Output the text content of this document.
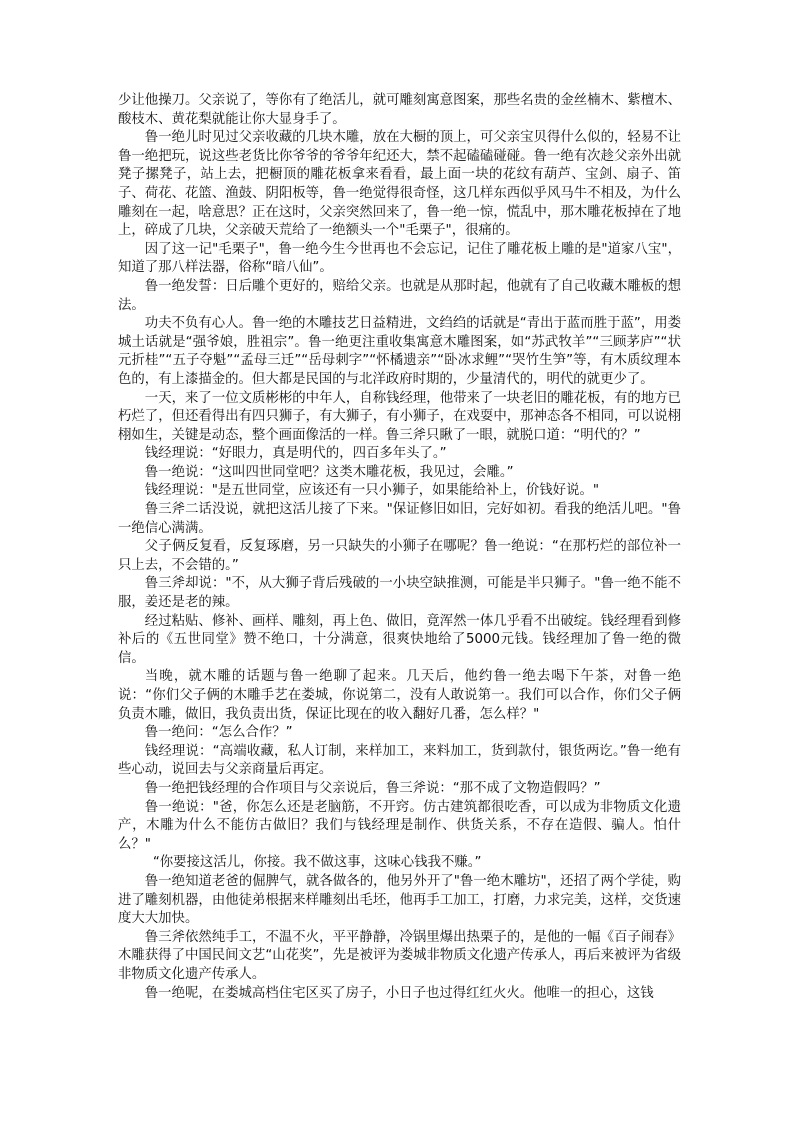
少让他操刀。父亲说了，等你有了绝活儿，就可雕刻寓意图案，那些名贵的金丝楠木、紫檀木、酸枝木、黄花梨就能让你大显身手了。

鲁一绝儿时见过父亲收藏的几块木雕，放在大橱的顶上，可父亲宝贝得什么似的，轻易不让鲁一绝把玩，说这些老货比你爷爷的爷爷年纪还大，禁不起磕磕碰碰。鲁一绝有次趁父亲外出就凳子摞凳子，站上去，把橱顶的雕花板拿来看看，最上面一块的花纹有葫芦、宝剑、扇子、笛子、荷花、花篮、渔鼓、阴阳板等，鲁一绝觉得很奇怪，这几样东西似乎风马牛不相及，为什么雕刻在一起，啥意思？正在这时，父亲突然回来了，鲁一绝一惊，慌乱中，那木雕花板掉在了地上，碎成了几块，父亲破天荒给了一绝额头一个"毛栗子"，很痛的。

因了这一记"毛栗子"，鲁一绝今生今世再也不会忘记，记住了雕花板上雕的是"道家八宝"，知道了那八样法器，俗称“暗八仙”。

鲁一绝发誓：日后雕个更好的，赔给父亲。也就是从那时起，他就有了自己收藏木雕板的想法。

功夫不负有心人。鲁一绝的木雕技艺日益精进，文绉绉的话就是“青出于蓝而胜于蓝”，用娄城土话就是“强爷娘，胜祖宗”。鲁一绝更注重收集寓意木雕图案，如“苏武牧羊”“三顾茅庐”“状元折桂”“五子夺魁”“孟母三迁”“岳母刺字”“怀橘遗亲”“卧冰求鲤”“哭竹生笋”等，有木质纹理本色的，有上漆描金的。但大都是民国的与北洋政府时期的，少量清代的，明代的就更少了。

一天，来了一位文质彬彬的中年人，自称钱经理，他带来了一块老旧的雕花板，有的地方已朽烂了，但还看得出有四只狮子，有大狮子，有小狮子，在戏耍中，那神态各不相同，可以说栩栩如生，关键是动态，整个画面像活的一样。鲁三斧只瞅了一眼，就脱口道：“明代的？”

钱经理说：“好眼力，真是明代的，四百多年头了。”

鲁一绝说：“这叫四世同堂吧？这类木雕花板，我见过，会雕。”

钱经理说："是五世同堂，应该还有一只小狮子，如果能给补上，价钱好说。"

鲁三斧二话没说，就把这活儿接了下来。"保证修旧如旧，完好如初。看我的绝活儿吧。"鲁一绝信心满满。

父子俩反复看，反复琢磨，另一只缺失的小狮子在哪呢？鲁一绝说：“在那朽烂的部位补一只上去，不会错的。”

鲁三斧却说："不，从大狮子背后残破的一小块空缺推测，可能是半只狮子。"鲁一绝不能不服，姜还是老的辣。

经过粘贴、修补、画样、雕刻，再上色、做旧，竟浑然一体几乎看不出破绽。钱经理看到修补后的《五世同堂》赞不绝口，十分满意，很爽快地给了5000元钱。钱经理加了鲁一绝的微信。

当晚，就木雕的话题与鲁一绝聊了起来。几天后，他约鲁一绝去喝下午茶，对鲁一绝说：“你们父子俩的木雕手艺在娄城，你说第二，没有人敢说第一。我们可以合作，你们父子俩负责木雕，做旧，我负责出货，保证比现在的收入翻好几番，怎么样？"

鲁一绝问：“怎么合作？”

钱经理说：“高端收藏，私人订制，来样加工，来料加工，货到款付，银货两讫。”鲁一绝有些心动，说回去与父亲商量后再定。

鲁一绝把钱经理的合作项目与父亲说后，鲁三斧说：“那不成了文物造假吗？”

鲁一绝说："爸，你怎么还是老脑筋，不开窍。仿古建筑都很吃香，可以成为非物质文化遗产，木雕为什么不能仿古做旧？我们与钱经理是制作、供货关系，不存在造假、骗人。怕什么？"

“你要接这活儿，你接。我不做这事，这味心钱我不赚。”

鲁一绝知道老爸的倔脾气，就各做各的，他另外开了"鲁一绝木雕坊"，还招了两个学徒，购进了雕刻机器，由他徒弟根据来样雕刻出毛坯，他再手工加工，打磨，力求完美，这样，交货速度大大加快。

鲁三斧依然纯手工，不温不火，平平静静，冷锅里爆出热栗子的，是他的一幅《百子闹春》木雕获得了中国民间文艺“山花奖”，先是被评为娄城非物质文化遗产传承人，再后来被评为省级非物质文化遗产传承人。

鲁一绝呢，在娄城高档住宅区买了房子，小日子也过得红红火火。他唯一的担心，这钱
